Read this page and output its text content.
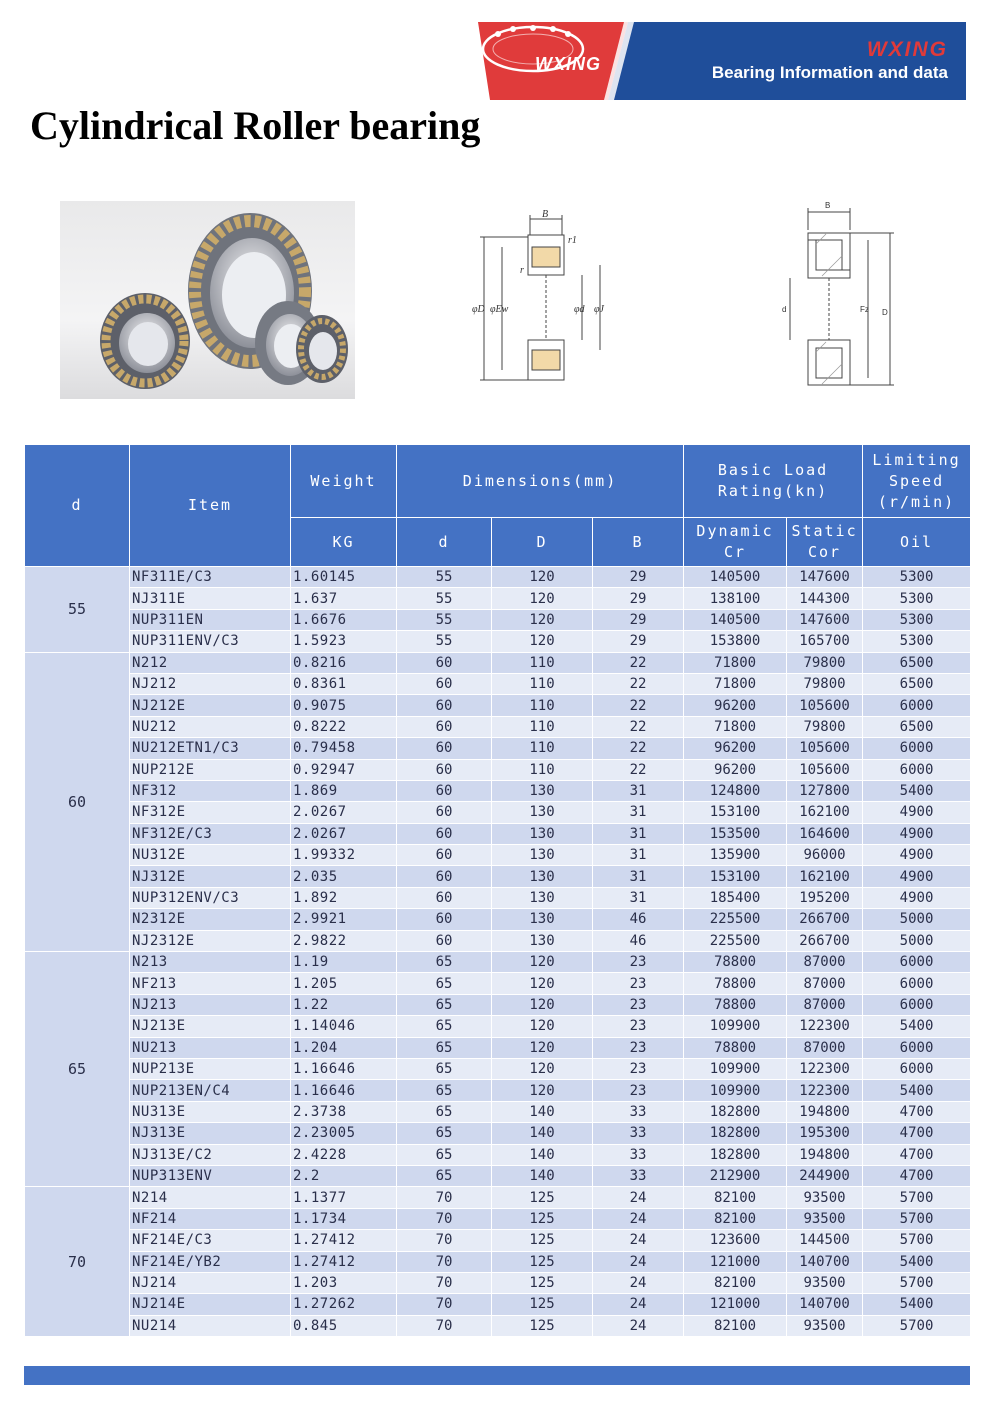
WXING
WXING
Bearing Information and data
Cylindrical Roller bearing
B
r1
r
φD φEw	φd φJ
B
d	Fz D
d	Item	Weight	Dimensions(mm)			Basic Load Rating(kn)		Limiting Speed (r/min)

		KG	d	D	B	Dynamic Cr	Static Cor	Oil
55	NF311E/C3	1.60145	55	120	29	140500	147600	5300
	NJ311E	1.637	55	120	29	138100	144300	5300
	NUP311EN	1.6676	55	120	29	140500	147600	5300
	NUP311ENV/C3	1.5923	55	120	29	153800	165700	5300
60	N212	0.8216	60	110	22	71800	79800	6500
	NJ212	0.8361	60	110	22	71800	79800	6500
	NJ212E	0.9075	60	110	22	96200	105600	6000
	NU212	0.8222	60	110	22	71800	79800	6500
	NU212ETN1/C3	0.79458	60	110	22	96200	105600	6000
	NUP212E	0.92947	60	110	22	96200	105600	6000
	NF312	1.869	60	130	31	124800	127800	5400
	NF312E	2.0267	60	130	31	153100	162100	4900
	NF312E/C3	2.0267	60	130	31	153500	164600	4900
	NU312E	1.99332	60	130	31	135900	96000	4900
	NJ312E	2.035	60	130	31	153100	162100	4900
	NUP312ENV/C3	1.892	60	130	31	185400	195200	4900
	N2312E	2.9921	60	130	46	225500	266700	5000
	NJ2312E	2.9822	60	130	46	225500	266700	5000
65	N213	1.19	65	120	23	78800	87000	6000
	NF213	1.205	65	120	23	78800	87000	6000
	NJ213	1.22	65	120	23	78800	87000	6000
	NJ213E	1.14046	65	120	23	109900	122300	5400
	NU213	1.204	65	120	23	78800	87000	6000
	NUP213E	1.16646	65	120	23	109900	122300	6000
	NUP213EN/C4	1.16646	65	120	23	109900	122300	5400
	NU313E	2.3738	65	140	33	182800	194800	4700
	NJ313E	2.23005	65	140	33	182800	195300	4700
	NJ313E/C2	2.4228	65	140	33	182800	194800	4700
	NUP313ENV	2.2	65	140	33	212900	244900	4700
70	N214	1.1377	70	125	24	82100	93500	5700
	NF214	1.1734	70	125	24	82100	93500	5700
	NF214E/C3	1.27412	70	125	24	123600	144500	5700
	NF214E/YB2	1.27412	70	125	24	121000	140700	5400
	NJ214	1.203	70	125	24	82100	93500	5700
	NJ214E	1.27262	70	125	24	121000	140700	5400
	NU214	0.845	70	125	24	82100	93500	5700
